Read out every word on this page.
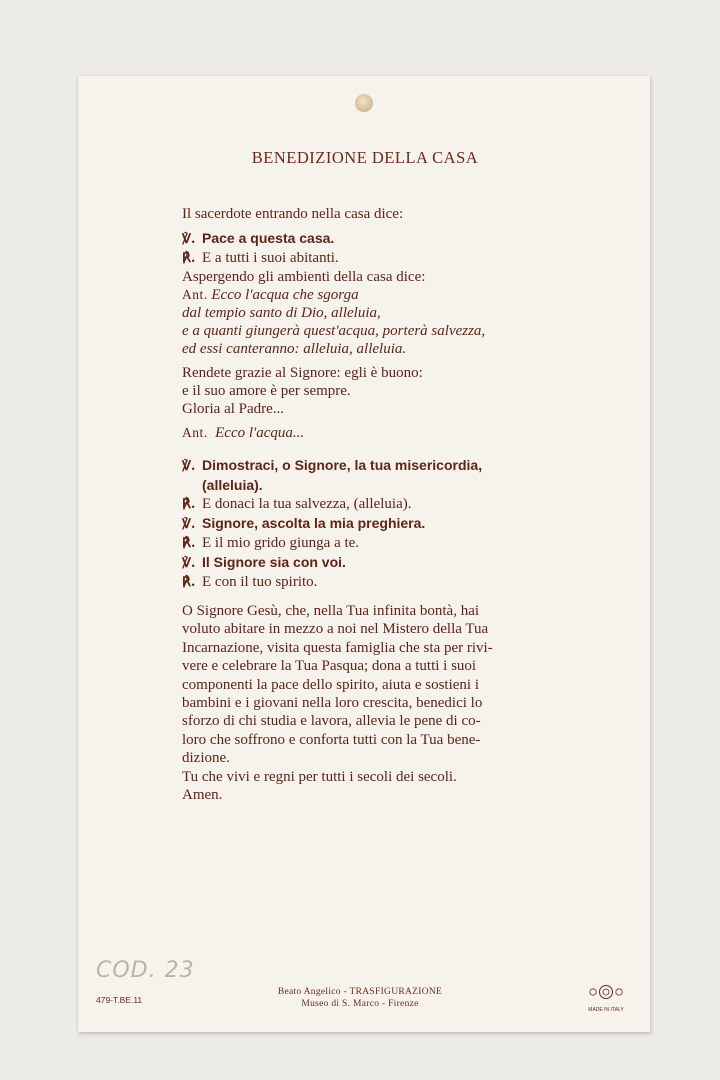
BENEDIZIONE DELLA CASA
Il sacerdote entrando nella casa dice:
℣. Pace a questa casa.
℟. E a tutti i suoi abitanti.
Aspergendo gli ambienti della casa dice:
Ant. Ecco l'acqua che sgorga
dal tempio santo di Dio, alleluia,
e a quanti giungerà quest'acqua, porterà salvezza,
ed essi canteranno: alleluia, alleluia.
Rendete grazie al Signore: egli è buono:
e il suo amore è per sempre.
Gloria al Padre...
Ant. Ecco l'acqua...
℣. Dimostraci, o Signore, la tua misericordia,
(alleluia).
℟. E donaci la tua salvezza, (alleluia).
℣. Signore, ascolta la mia preghiera.
℟. E il mio grido giunga a te.
℣. Il Signore sia con voi.
℟. E con il tuo spirito.
O Signore Gesù, che, nella Tua infinita bontà, hai
voluto abitare in mezzo a noi nel Mistero della Tua
Incarnazione, visita questa famiglia che sta per rivi-
vere e celebrare la Tua Pasqua; dona a tutti i suoi
componenti la pace dello spirito, aiuta e sostieni i
bambini e i giovani nella loro crescita, benedici lo
sforzo di chi studia e lavora, allevia le pene di co-
loro che soffrono e conforta tutti con la Tua bene-
dizione.
Tu che vivi e regni per tutti i secoli dei secoli.
Amen.
COD. 23
479-T.BE.11
Beato Angelico - TRASFIGURAZIONE
Museo di S. Marco - Firenze
MADE IN ITALY
